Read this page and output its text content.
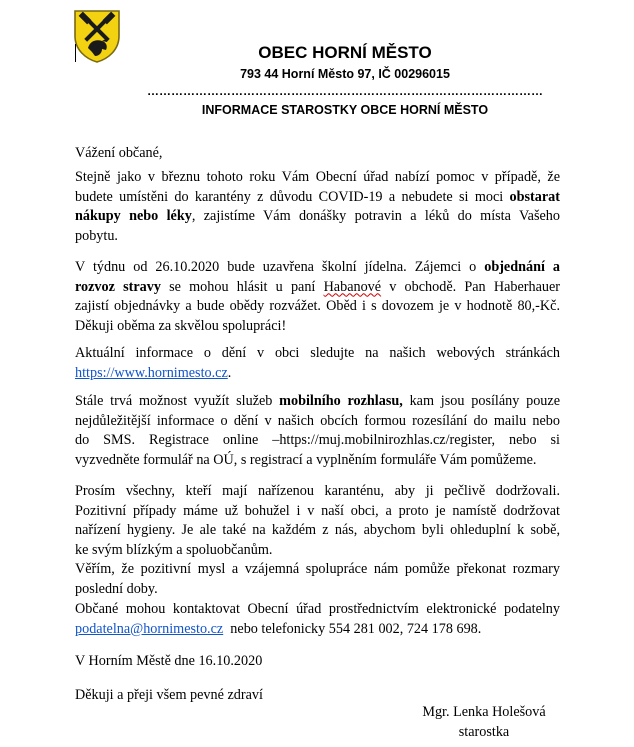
OBEC HORNÍ MĚSTO
793 44 Horní Město 97, IČ 00296015
………………………………………………………………………………………
INFORMACE STAROSTKY OBCE HORNÍ MĚSTO
Vážení občané,
Stejně jako v březnu tohoto roku Vám Obecní úřad nabízí pomoc v případě, že
budete umístěni do karantény z důvodu COVID-19 a nebudete si moci obstarat
nákupy nebo léky, zajistíme Vám donášky potravin a léků do místa Vašeho
pobytu.
V týdnu od 26.10.2020 bude uzavřena školní jídelna. Zájemci o objednání a
rozvoz stravy se mohou hlásit u paní Habanové v obchodě. Pan Haberhauer
zajistí objednávky a bude obědy rozvážet. Oběd i s dovozem je v hodnotě 80,-Kč.
Děkuji oběma za skvělou spolupráci!
Aktuální informace o dění v obci sledujte na našich webových stránkách
https://www.hornimesto.cz.
Stále trvá možnost využít služeb mobilního rozhlasu, kam jsou posílány pouze
nejdůležitější informace o dění v našich obcích formou rozesílání do mailu nebo
do SMS. Registrace online –https://muj.mobilnirozhlas.cz/register, nebo si
vyzvedněte formulář na OÚ, s registrací a vyplněním formuláře Vám pomůžeme.
Prosím všechny, kteří mají nařízenou karanténu, aby ji pečlivě dodržovali.
Pozitivní případy máme už bohužel i v naší obci, a proto je namístě dodržovat
nařízení hygieny. Je ale také na každém z nás, abychom byli ohleduplní k sobě,
ke svým blízkým a spoluobčanům.
Věřím, že pozitivní mysl a vzájemná spolupráce nám pomůže překonat rozmary
poslední doby.
Občané mohou kontaktovat Obecní úřad prostřednictvím elektronické podatelny
podatelna@hornimesto.cz  nebo telefonicky 554 281 002, 724 178 698.
V Horním Městě dne 16.10.2020
Děkuji a přeji všem pevné zdraví
Mgr. Lenka Holešová
starostka
